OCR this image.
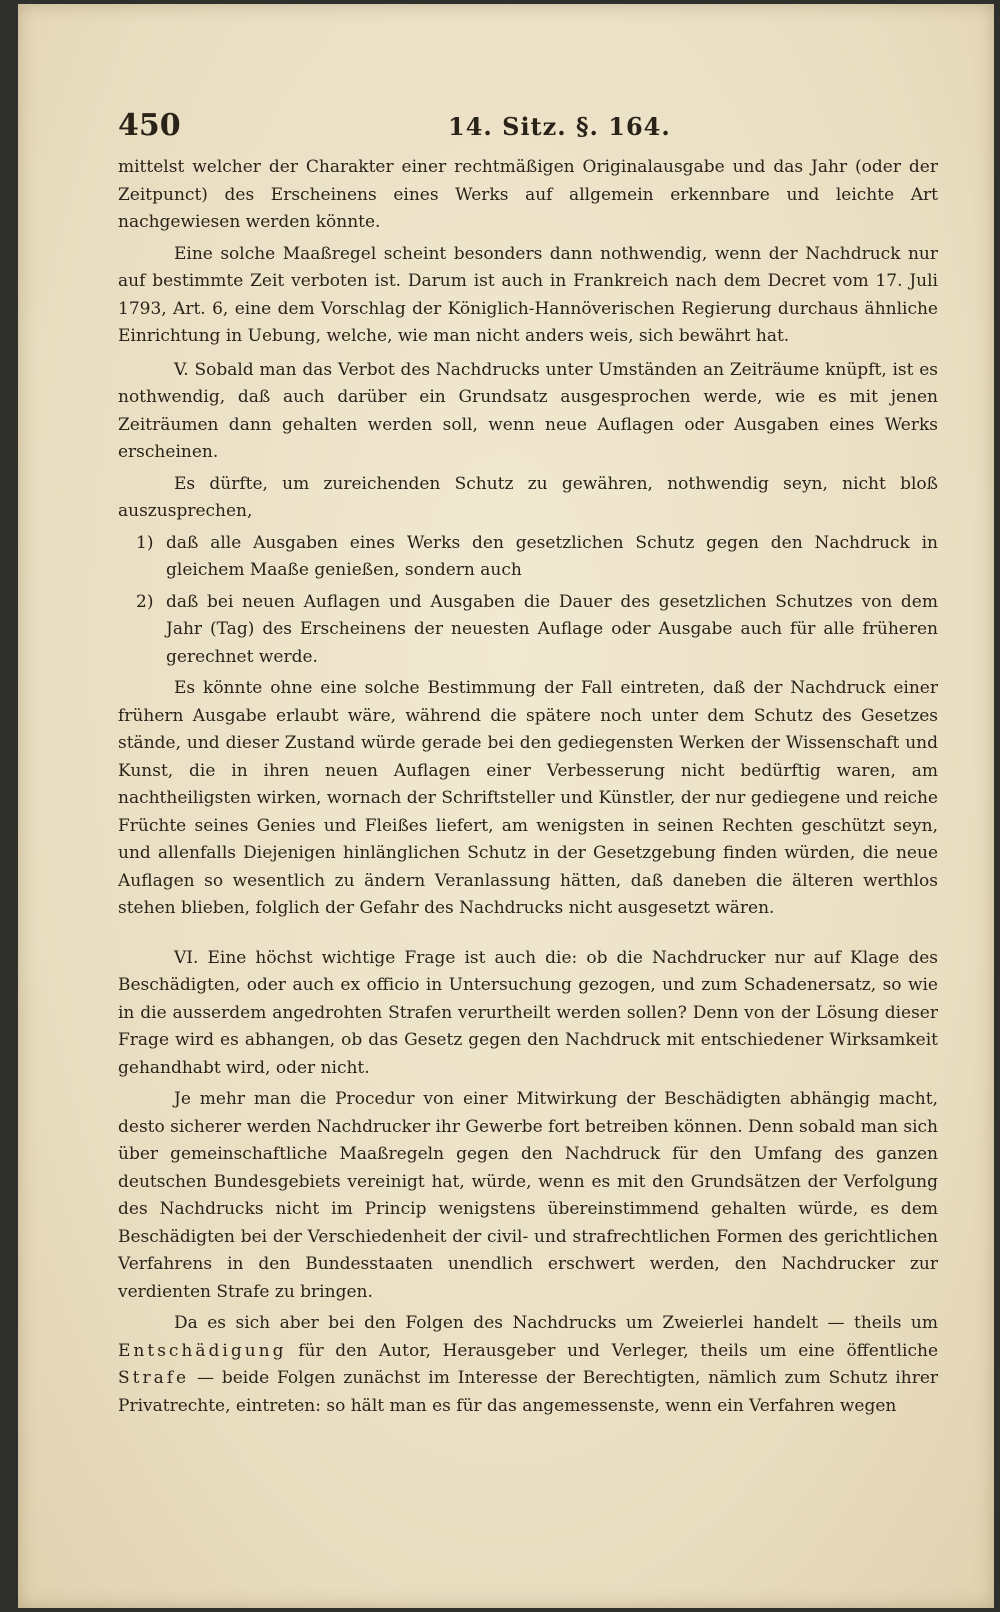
450	14. Sitz. §. 164.

mittelst welcher der Charakter einer rechtmäßigen Originalausgabe und das Jahr (oder der Zeitpunct) des Erscheinens eines Werks auf allgemein erkennbare und leichte Art nachgewiesen werden könnte.

Eine solche Maaßregel scheint besonders dann nothwendig, wenn der Nachdruck nur auf bestimmte Zeit verboten ist. Darum ist auch in Frankreich nach dem Decret vom 17. Juli 1793, Art. 6, eine dem Vorschlag der Königlich-Hannöverischen Regierung durchaus ähnliche Einrichtung in Uebung, welche, wie man nicht anders weis, sich bewährt hat.

V. Sobald man das Verbot des Nachdrucks unter Umständen an Zeiträume knüpft, ist es nothwendig, daß auch darüber ein Grundsatz ausgesprochen werde, wie es mit jenen Zeiträumen dann gehalten werden soll, wenn neue Auflagen oder Ausgaben eines Werks erscheinen.

Es dürfte, um zureichenden Schutz zu gewähren, nothwendig seyn, nicht bloß auszusprechen,

1) daß alle Ausgaben eines Werks den gesetzlichen Schutz gegen den Nachdruck in gleichem Maaße genießen, sondern auch

2) daß bei neuen Auflagen und Ausgaben die Dauer des gesetzlichen Schutzes von dem Jahr (Tag) des Erscheinens der neuesten Auflage oder Ausgabe auch für alle früheren gerechnet werde.

Es könnte ohne eine solche Bestimmung der Fall eintreten, daß der Nachdruck einer frühern Ausgabe erlaubt wäre, während die spätere noch unter dem Schutz des Gesetzes stände, und dieser Zustand würde gerade bei den gediegensten Werken der Wissenschaft und Kunst, die in ihren neuen Auflagen einer Verbesserung nicht bedürftig waren, am nachtheiligsten wirken, wornach der Schriftsteller und Künstler, der nur gediegene und reiche Früchte seines Genies und Fleißes liefert, am wenigsten in seinen Rechten geschützt seyn, und allenfalls Diejenigen hinlänglichen Schutz in der Gesetzgebung finden würden, die neue Auflagen so wesentlich zu ändern Veranlassung hätten, daß daneben die älteren werthlos stehen blieben, folglich der Gefahr des Nachdrucks nicht ausgesetzt wären.

VI. Eine höchst wichtige Frage ist auch die: ob die Nachdrucker nur auf Klage des Beschädigten, oder auch ex officio in Untersuchung gezogen, und zum Schadenersatz, so wie in die ausserdem angedrohten Strafen verurtheilt werden sollen? Denn von der Lösung dieser Frage wird es abhangen, ob das Gesetz gegen den Nachdruck mit entschiedener Wirksamkeit gehandhabt wird, oder nicht.

Je mehr man die Procedur von einer Mitwirkung der Beschädigten abhängig macht, desto sicherer werden Nachdrucker ihr Gewerbe fort betreiben können. Denn sobald man sich über gemeinschaftliche Maaßregeln gegen den Nachdruck für den Umfang des ganzen deutschen Bundesgebiets vereinigt hat, würde, wenn es mit den Grundsätzen der Verfolgung des Nachdrucks nicht im Princip wenigstens übereinstimmend gehalten würde, es dem Beschädigten bei der Verschiedenheit der civil- und strafrechtlichen Formen des gerichtlichen Verfahrens in den Bundesstaaten unendlich erschwert werden, den Nachdrucker zur verdienten Strafe zu bringen.

Da es sich aber bei den Folgen des Nachdrucks um Zweierlei handelt — theils um Entschädigung für den Autor, Herausgeber und Verleger, theils um eine öffentliche Strafe — beide Folgen zunächst im Interesse der Berechtigten, nämlich zum Schutz ihrer Privatrechte, eintreten: so hält man es für das angemessenste, wenn ein Verfahren wegen
